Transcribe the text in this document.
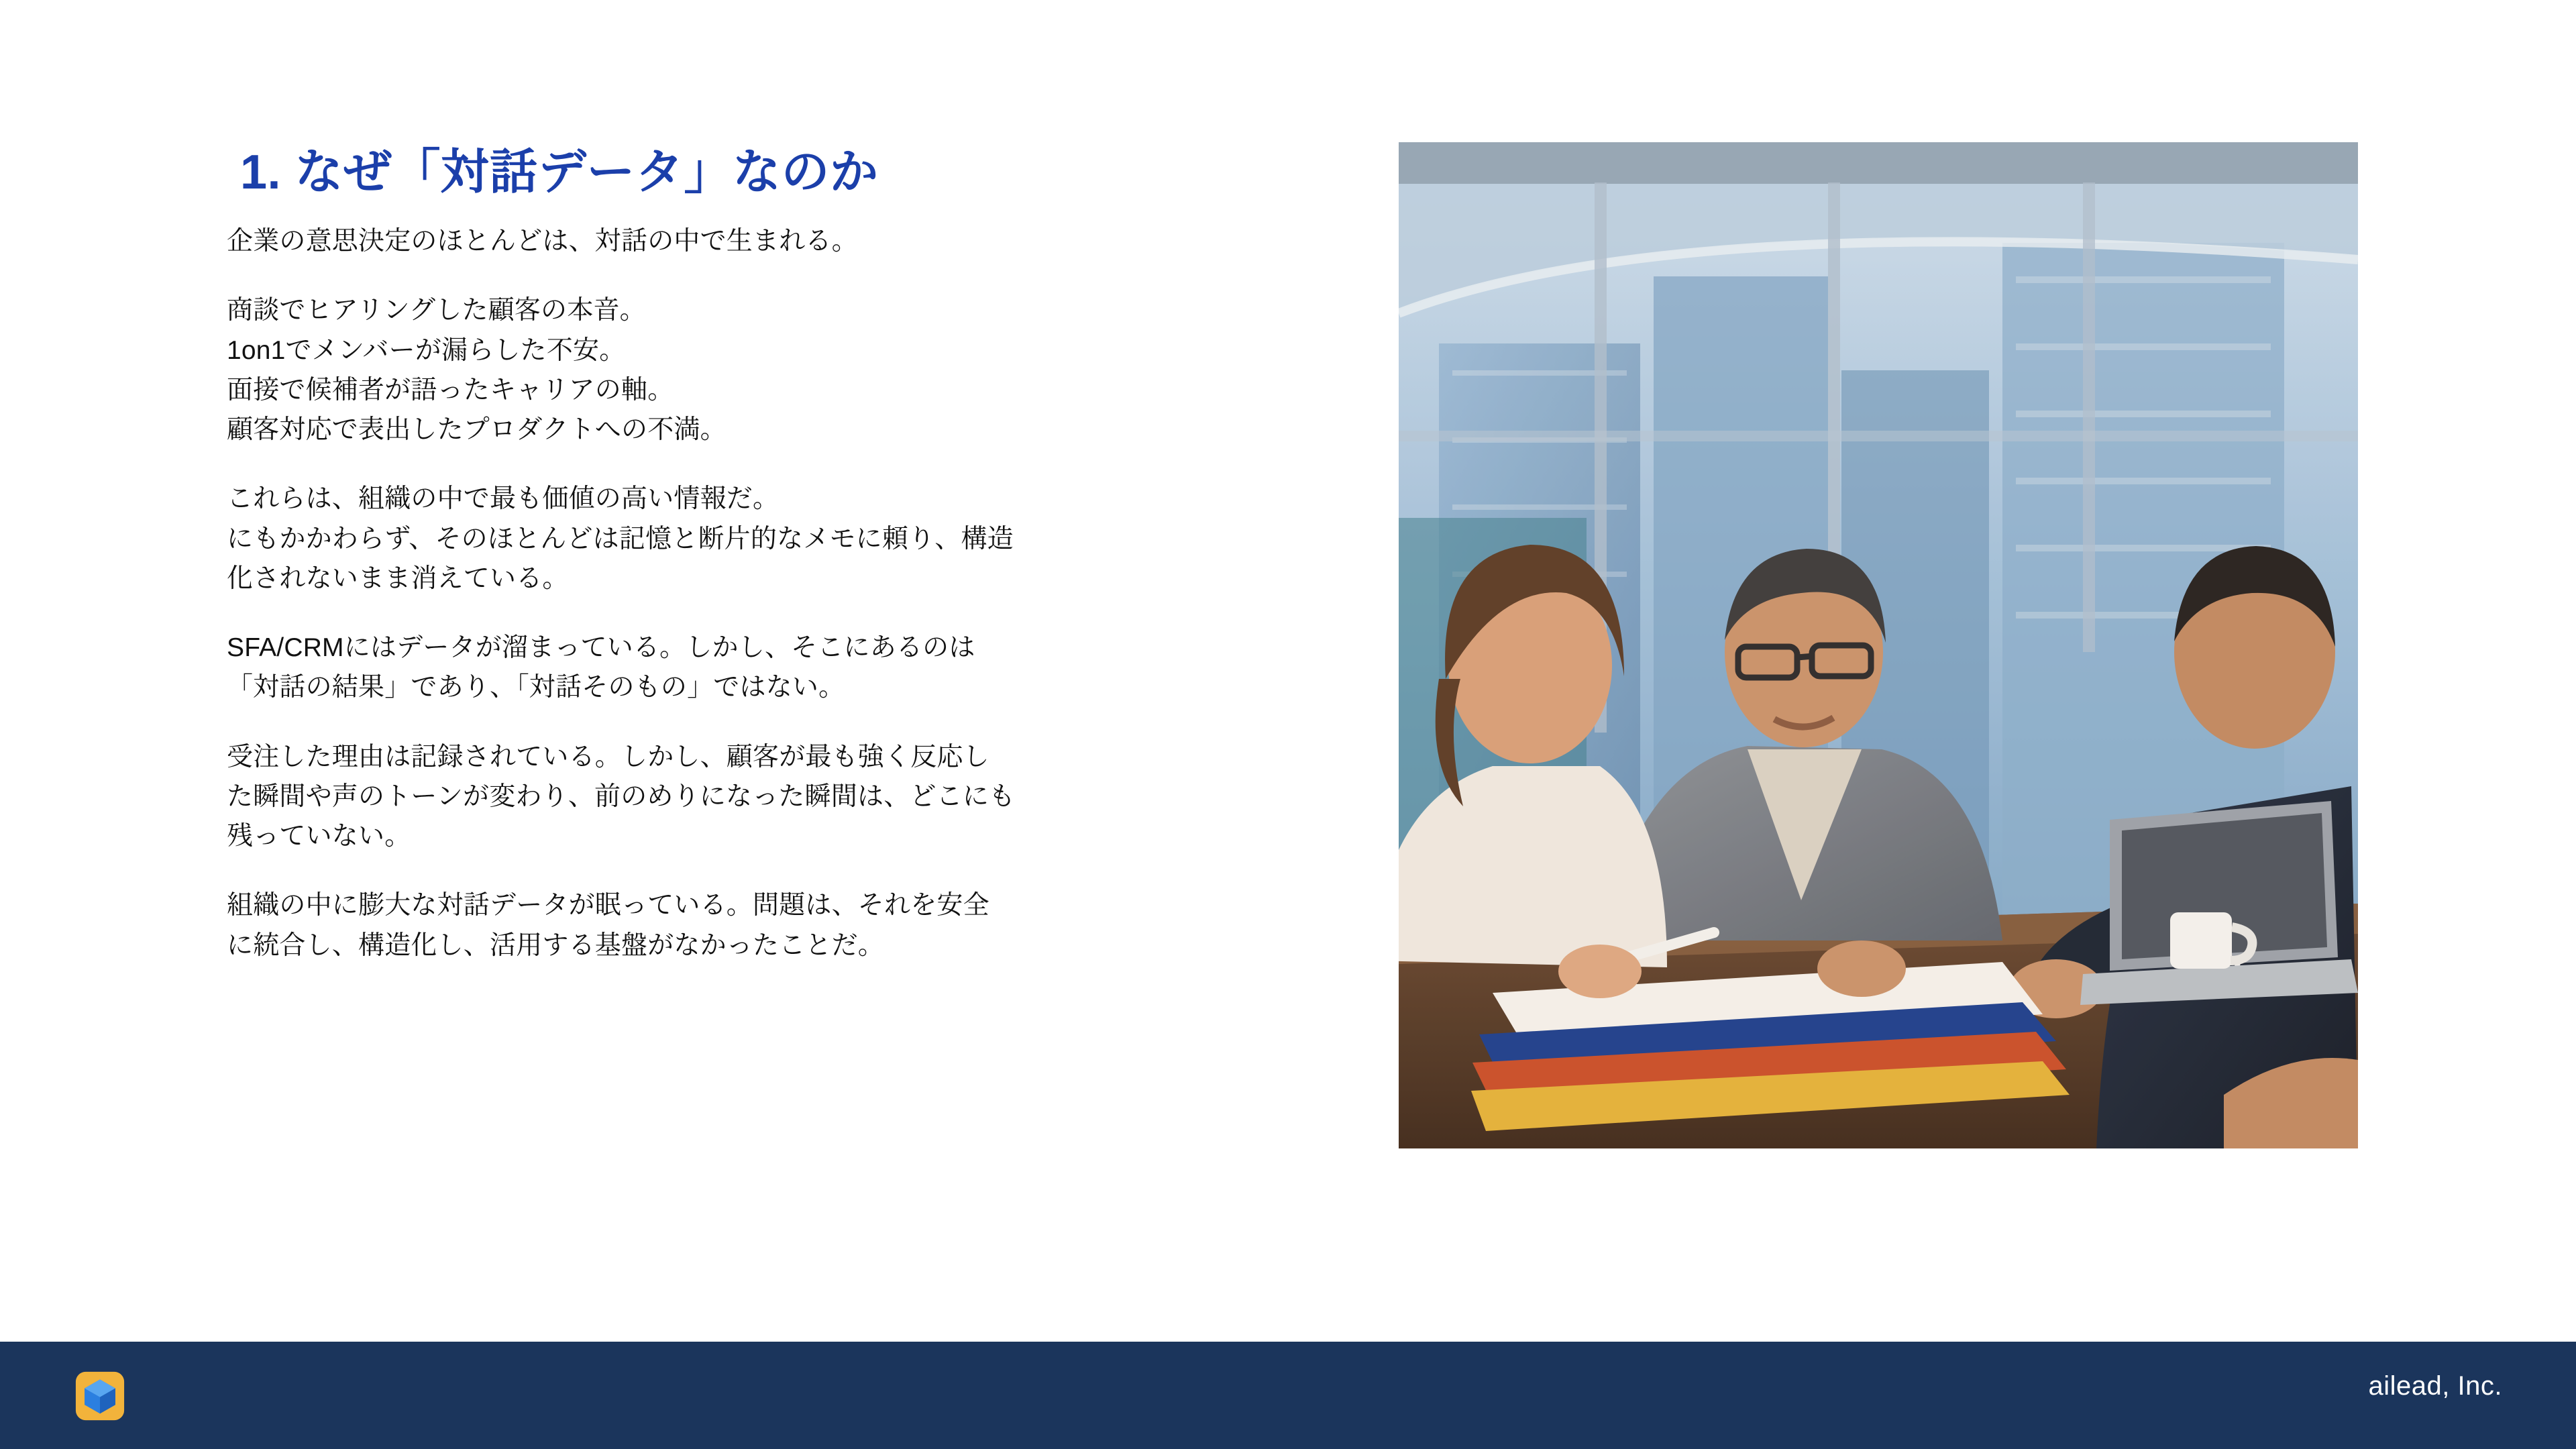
1. なぜ「対話データ」なのか

企業の意思決定のほとんどは、対話の中で生まれる。

商談でヒアリングした顧客の本音。
1on1でメンバーが漏らした不安。
面接で候補者が語ったキャリアの軸。
顧客対応で表出したプロダクトへの不満。

これらは、組織の中で最も価値の高い情報だ。
にもかかわらず、そのほとんどは記憶と断片的なメモに頼り、構造
化されないまま消えている。

SFA/CRMにはデータが溜まっている。しかし、そこにあるのは
「対話の結果」であり、「対話そのもの」ではない。

受注した理由は記録されている。しかし、顧客が最も強く反応し
た瞬間や声のトーンが変わり、前のめりになった瞬間は、どこにも
残っていない。

組織の中に膨大な対話データが眠っている。問題は、それを安全
に統合し、構造化し、活用する基盤がなかったことだ。

ailead, Inc.
